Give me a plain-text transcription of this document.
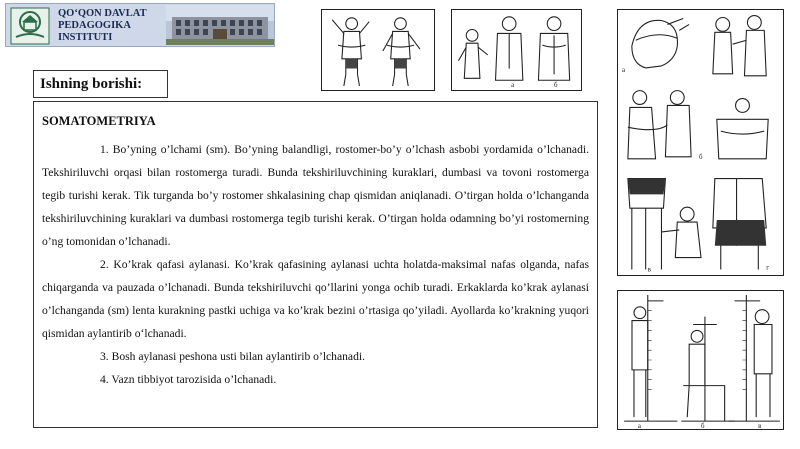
QO‘QON DAVLAT
PEDAGOGIKA
INSTITUTI
a	б
a
б
в	г
a	б	в
Ishning borishi:
SOMATOMETRIYA

1. Bo’yning o’lchami (sm). Bo’yning balandligi, rostomer-bo’y o’lchash asbobi yordamida o’lchanadi. Tekshiriluvchi orqasi bilan rostomerga turadi. Bunda tekshiriluvchining kuraklari, dumbasi va tovoni rostomerga tegib turishi kerak. Tik turganda bo’y rostomer shkalasining chap qismidan aniqlanadi. O’tirgan holda o’lchanganda tekshiriluvchining kuraklari va dumbasi rostomerga tegib turishi kerak. O’tirgan holda odamning bo’yi rostomerning o’ng tomonidan o’lchanadi.

2. Ko’krak qafasi aylanasi. Ko’krak qafasining aylanasi uchta holatda-maksimal nafas olganda, nafas chiqarganda va pauzada o’lchanadi. Bunda tekshiriluvchi qo’llarini yonga ochib turadi. Erkaklarda ko’krak aylanasi o’lchanganda (sm) lenta kurakning pastki uchiga va ko’krak bezini o’rtasiga qo’yiladi. Ayollarda ko’krakning yuqori qismidan aylantirib o‘lchanadi.

3. Bosh aylanasi peshona usti bilan aylantirib o’lchanadi.

4. Vazn tibbiyot tarozisida o’lchanadi.
